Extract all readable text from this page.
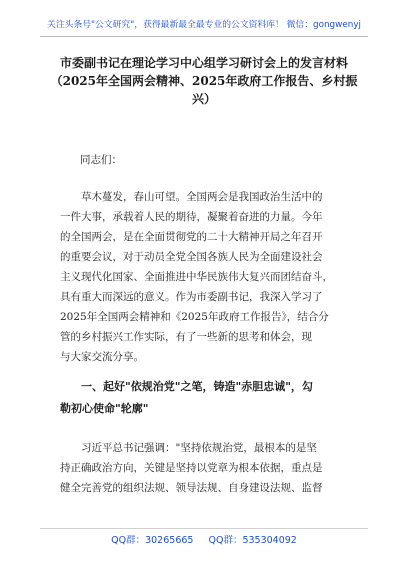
关注头条号"公文研究"，获得最新最全最专业的公文资料库！ 微信：gongwenyj
市委副书记在理论学习中心组学习研讨会上的发言材料
（2025年全国两会精神、2025年政府工作报告、乡村振
兴）
同志们：
草木蔓发，春山可望。全国两会是我国政治生活中的
一件大事，承载着人民的期待，凝聚着奋进的力量。今年
的全国两会，是在全面贯彻党的二十大精神开局之年召开
的重要会议，对于动员全党全国各族人民为全面建设社会
主义现代化国家、全面推进中华民族伟大复兴而团结奋斗，
具有重大而深远的意义。作为市委副书记，我深入学习了
2025年全国两会精神和《2025年政府工作报告》，结合分
管的乡村振兴工作实际，有了一些新的思考和体会，现
与大家交流分享。
一、起好"依规治党"之笔，铸造"赤胆忠诚"，勾
勒初心使命"轮廓"
习近平总书记强调："坚持依规治党，最根本的是坚
持正确政治方向，关键是坚持以党章为根本依据，重点是
健全完善党的组织法规、领导法规、自身建设法规、监督
QQ群：30265665 QQ群：535304092
